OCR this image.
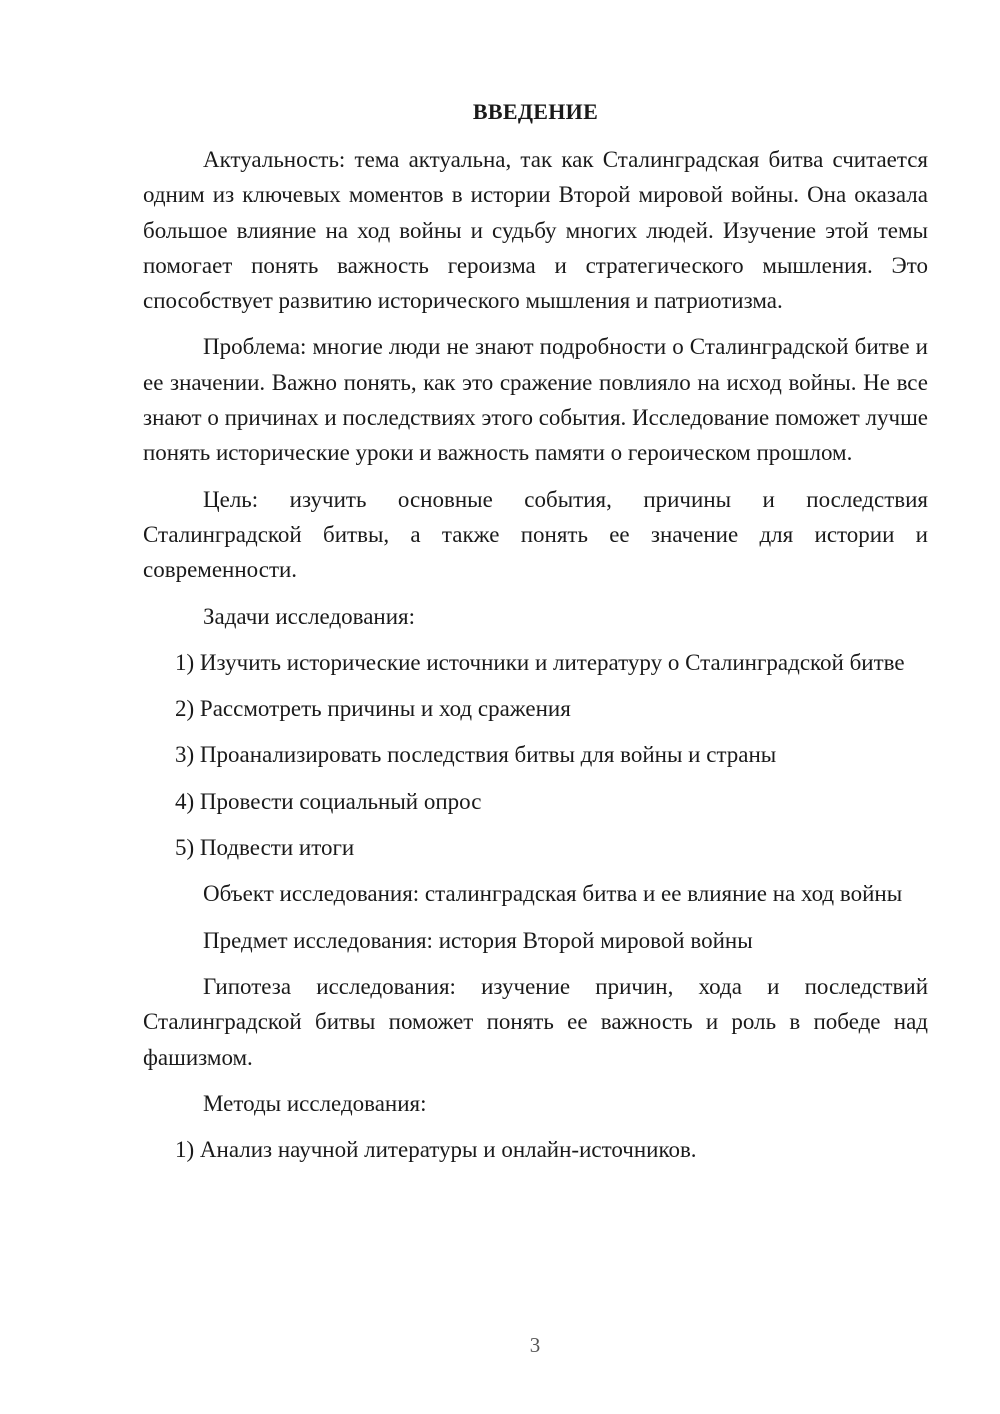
ВВЕДЕНИЕ

Актуальность: тема актуальна, так как Сталинградская битва считается одним из ключевых моментов в истории Второй мировой войны. Она оказала большое влияние на ход войны и судьбу многих людей. Изучение этой темы помогает понять важность героизма и стратегического мышления. Это способствует развитию исторического мышления и патриотизма.

Проблема: многие люди не знают подробности о Сталинградской битве и ее значении. Важно понять, как это сражение повлияло на исход войны. Не все знают о причинах и последствиях этого события. Исследование поможет лучше понять исторические уроки и важность памяти о героическом прошлом.

Цель: изучить основные события, причины и последствия Сталинградской битвы, а также понять ее значение для истории и современности.

Задачи исследования:

1) Изучить исторические источники и литературу о Сталинградской битве

2) Рассмотреть причины и ход сражения

3) Проанализировать последствия битвы для войны и страны

4) Провести социальный опрос

5) Подвести итоги

Объект исследования: сталинградская битва и ее влияние на ход войны

Предмет исследования: история Второй мировой войны

Гипотеза исследования: изучение причин, хода и последствий Сталинградской битвы поможет понять ее важность и роль в победе над фашизмом.

Методы исследования:

1) Анализ научной литературы и онлайн-источников.

3
